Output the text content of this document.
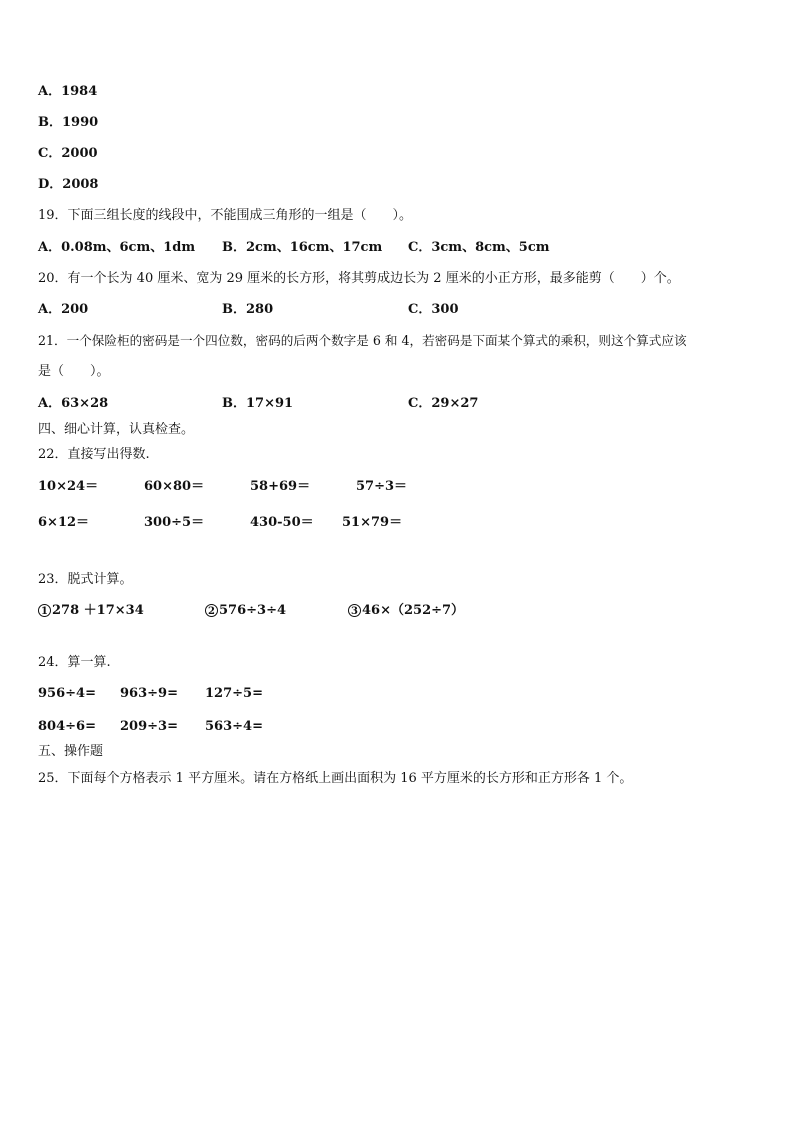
A．1984
B．1990
C．2000
D．2008
19．下面三组长度的线段中，不能围成三角形的一组是（　　）。
A．0.08m、6cm、1dm B．2cm、16cm、17cm C．3cm、8cm、5cm
20．有一个长为 40 厘米、宽为 29 厘米的长方形，将其剪成边长为 2 厘米的小正方形，最多能剪（　　）个。
A．200	B．280	C．300
21．一个保险柜的密码是一个四位数，密码的后两个数字是 6 和 4，若密码是下面某个算式的乘积，则这个算式应该
是（　　）。
A．63×28	B．17×91	C．29×27
四、细心计算，认真检查。
22．直接写出得数.
10×24＝	60×80＝	58+69＝	57÷3＝
6×12＝	300÷5＝	430-50＝ 51×79＝
23．脱式计算。
1 278 ＋17×34	2 576÷3÷4	3 46×（252÷7）
24．算一算.
956÷4= 963÷9= 127÷5=
804÷6= 209÷3= 563÷4=
五、操作题
25．下面每个方格表示 1 平方厘米。请在方格纸上画出面积为 16 平方厘米的长方形和正方形各 1 个。
